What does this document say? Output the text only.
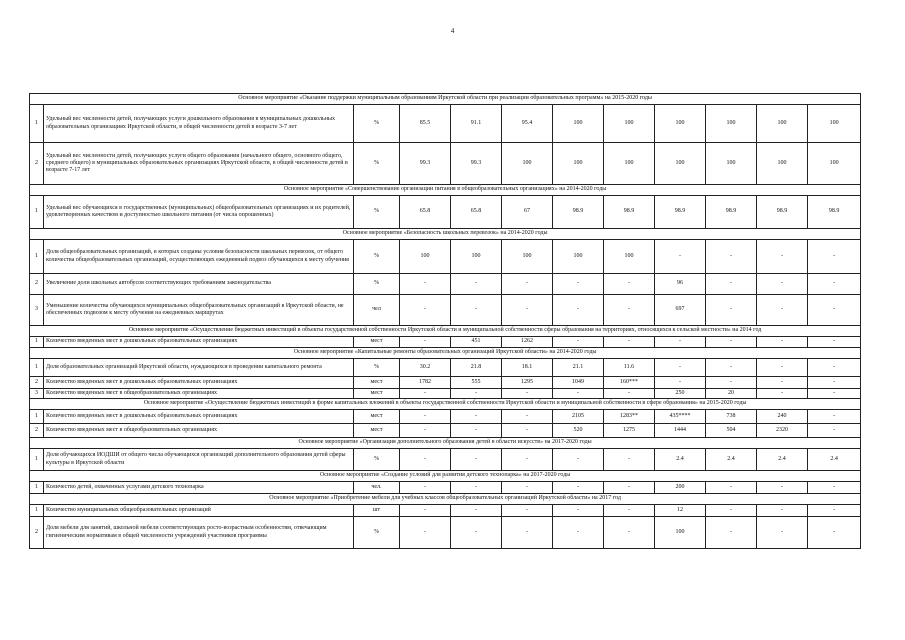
4
Основное мероприятие «Оказание поддержки муниципальным образованиям Иркутской области при реализации образовательных программ» на 2015-2020 годы											
1	Удельный вес численности детей, получающих услуги дошкольного образования в муниципальных дошкольных образовательных организациях Иркутской области, в общей численности детей в возрасте 3-7 лет	%	85.5	91.1	95.4	100	100	100	100	100	100
2	Удельный вес численности детей, получающих услуги общего образования (начального общего, основного общего, среднего общего) в муниципальных образовательных организациях Иркутской области, в общей численности детей в возрасте 7-17 лет	%	99.3	99.3	100	100	100	100	100	100	100
Основное мероприятие «Совершенствование организации питания в общеобразовательных организациях» на 2014-2020 годы											
1	Удельный вес обучающихся в государственных (муниципальных) общеобразовательных организациях и их родителей, удовлетворенных качеством и доступностью школьного питания (от числа опрошенных)	%	65.8	65.8	67	98.9	98.9	98.9	98.9	98.9	98.9
Основное мероприятие «Безопасность школьных перевозок» на 2014-2020 годы											
1	Доля общеобразовательных организаций, в которых созданы условия безопасности школьных перевозок, от общего количества общеобразовательных организаций, осуществляющих ежедневный подвоз обучающихся к месту обучения	%	100	100	100	100	100	-	-	-	-
2	Увеличение доли школьных автобусов соответствующих требованиям законодательства	%	-	-	-	-	-	96	-	-	-
3	Уменьшение количества обучающихся муниципальных общеобразовательных организаций в Иркутской области, не обеспеченных подвозом к месту обучения на ежедневных маршрутах	чел	-	-	-	-	-	697	-	-	-
Основное мероприятие «Осуществление бюджетных инвестиций в объекты государственной собственности Иркутской области и муниципальной собственности сферы образования на территориях, относящихся к сельской местности» на 2014 год											
1	Количество введенных мест в дошкольных образовательных организациях	мест	-	451	1262	-	-	-	-	-	-
Основное мероприятие «Капитальные ремонты образовательных организаций Иркутской области» на 2014-2020 годы											
1	Доля образовательных организаций Иркутской области, нуждающихся в проведении капитального ремонта	%	30.2	21.8	18.1	21.1	11.6	-	-	-	-
2	Количество введенных мест в дошкольных образовательных организациях	мест	1782	555	1295	1049	160***	-	-	-	-
3	Количество введенных мест в общеобразовательных организациях	мест	-	-	-	-	-	250	20	-	-
Основное мероприятие «Осуществление бюджетных инвестиций в форме капитальных вложений в объекты государственной собственности Иркутской области и муниципальной собственности в сфере образования» на 2015-2020 годы											
1	Количество введенных мест в дошкольных образовательных организациях	мест	-	-	-	2105	1283**	435****	738	240	-
2	Количество введенных мест в общеобразовательных организациях	мест	-	-	-	520	1275	1444	504	2320	-
Основное мероприятие «Организация дополнительного образования детей в области искусств» на 2017-2020 годы											
1	Доля обучающихся ИОДШИ от общего числа обучающихся организаций дополнительного образования детей сферы культуры в Иркутской области	%	-	-	-	-	-	2.4	2.4	2.4	2.4
Основное мероприятие «Создание условий для развития детского технопарка» на 2017-2020 годы											
1	Количество детей, охваченных услугами детского технопарка	чел.	-	-	-	-	-	200	-	-	-
Основное мероприятие «Приобретение мебели для учебных классов общеобразовательных организаций Иркутской области» на 2017 год											
1	Количество муниципальных общеобразовательных организаций	шт	-	-	-	-	-	12	-	-	-
2	Доля мебели для занятий, школьной мебели соответствующих росто-возрастным особенностям, отвечающим гигиеническим нормативам в общей численности учреждений участников программы	%	-	-	-	-	-	100	-	-	-
